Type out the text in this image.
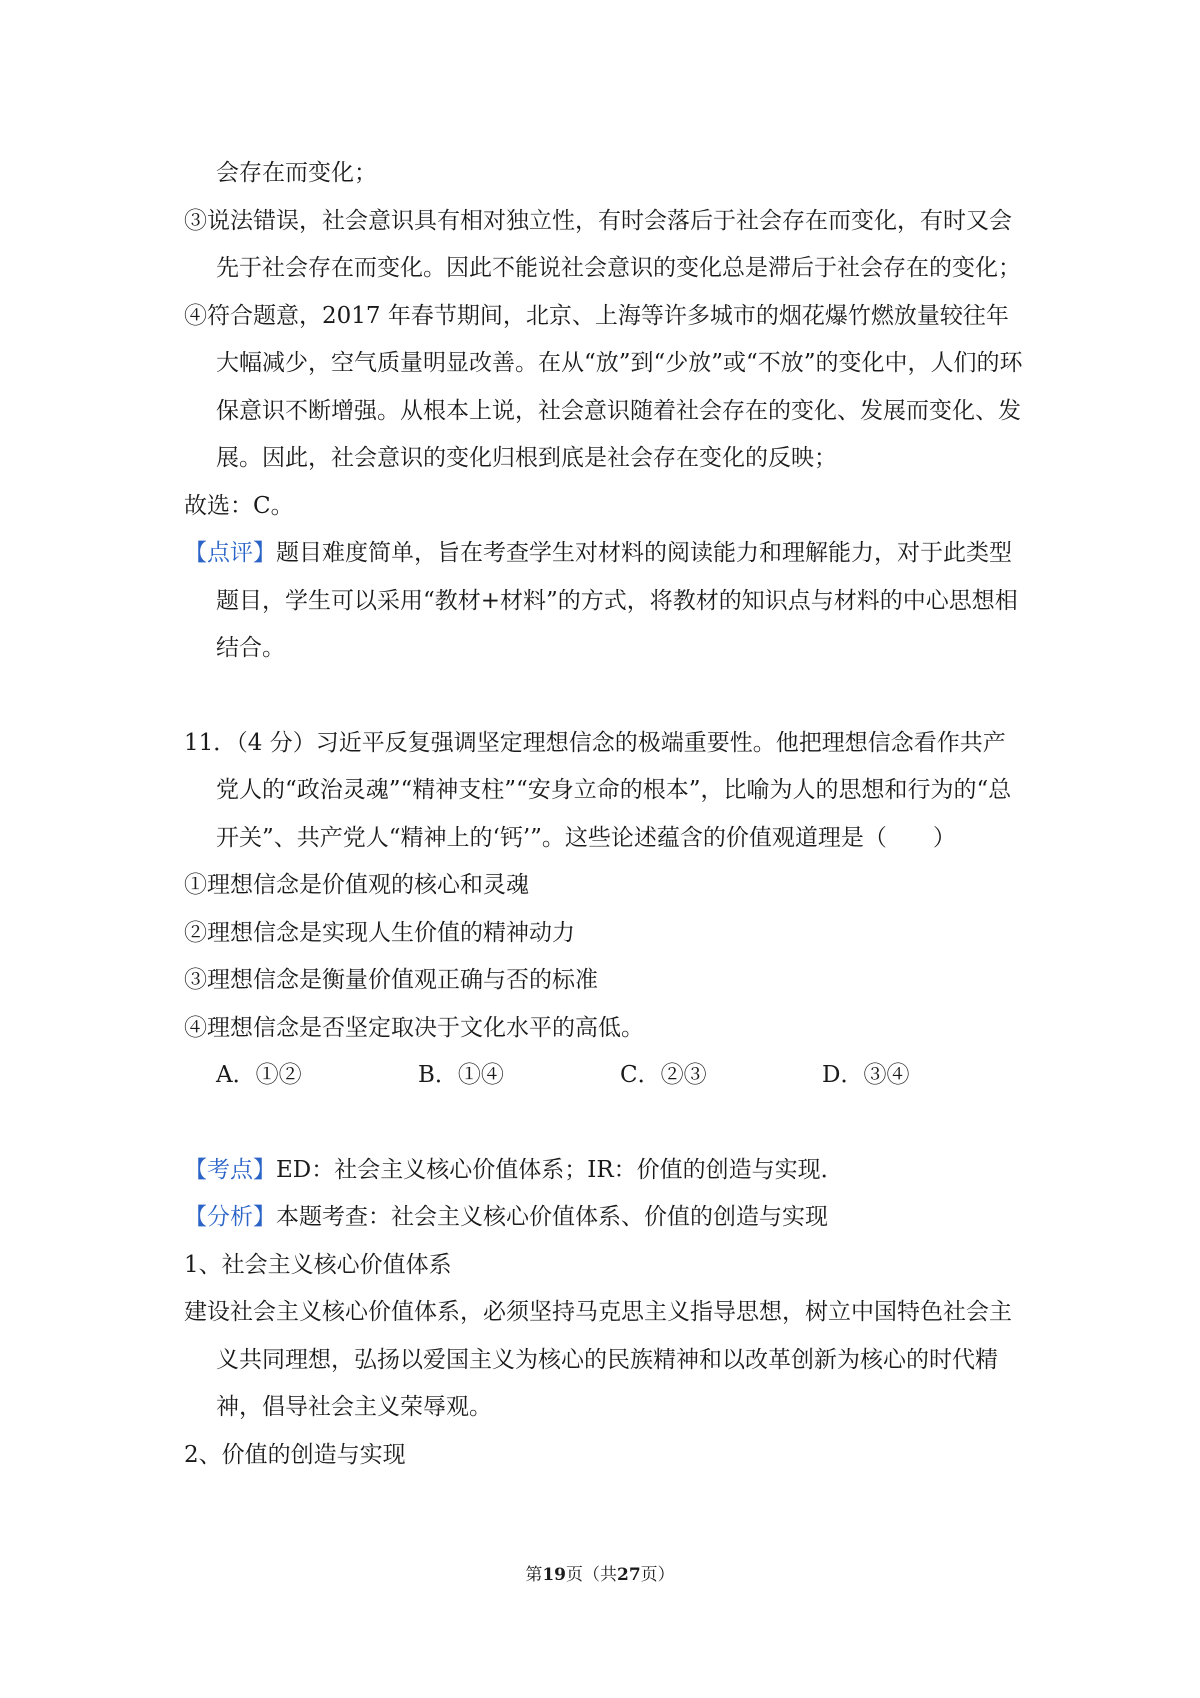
会存在而变化；

③说法错误，社会意识具有相对独立性，有时会落后于社会存在而变化，有时又会先于社会存在而变化。因此不能说社会意识的变化总是滞后于社会存在的变化；

④符合题意，2017 年春节期间，北京、上海等许多城市的烟花爆竹燃放量较往年大幅减少，空气质量明显改善。在从“放”到“少放”或“不放”的变化中，人们的环保意识不断增强。从根本上说，社会意识随着社会存在的变化、发展而变化、发展。因此，社会意识的变化归根到底是社会存在变化的反映；

故选：C。

【点评】题目难度简单，旨在考查学生对材料的阅读能力和理解能力，对于此类型题目，学生可以采用“教材+材料”的方式，将教材的知识点与材料的中心思想相结合。

11．（4 分）习近平反复强调坚定理想信念的极端重要性。他把理想信念看作共产党人的“政治灵魂”“精神支柱”“安身立命的根本”，比喻为人的思想和行为的“总开关”、共产党人“精神上的‘钙’”。这些论述蕴含的价值观道理是（　　）

①理想信念是价值观的核心和灵魂

②理想信念是实现人生价值的精神动力

③理想信念是衡量价值观正确与否的标准

④理想信念是否坚定取决于文化水平的高低。

A．①②	B．①④	C．②③	D．③④

【考点】ED：社会主义核心价值体系；IR：价值的创造与实现．

【分析】本题考查：社会主义核心价值体系、价值的创造与实现

1、社会主义核心价值体系

建设社会主义核心价值体系，必须坚持马克思主义指导思想，树立中国特色社会主义共同理想，弘扬以爱国主义为核心的民族精神和以改革创新为核心的时代精神，倡导社会主义荣辱观。

2、价值的创造与实现

第19页（共27页）
